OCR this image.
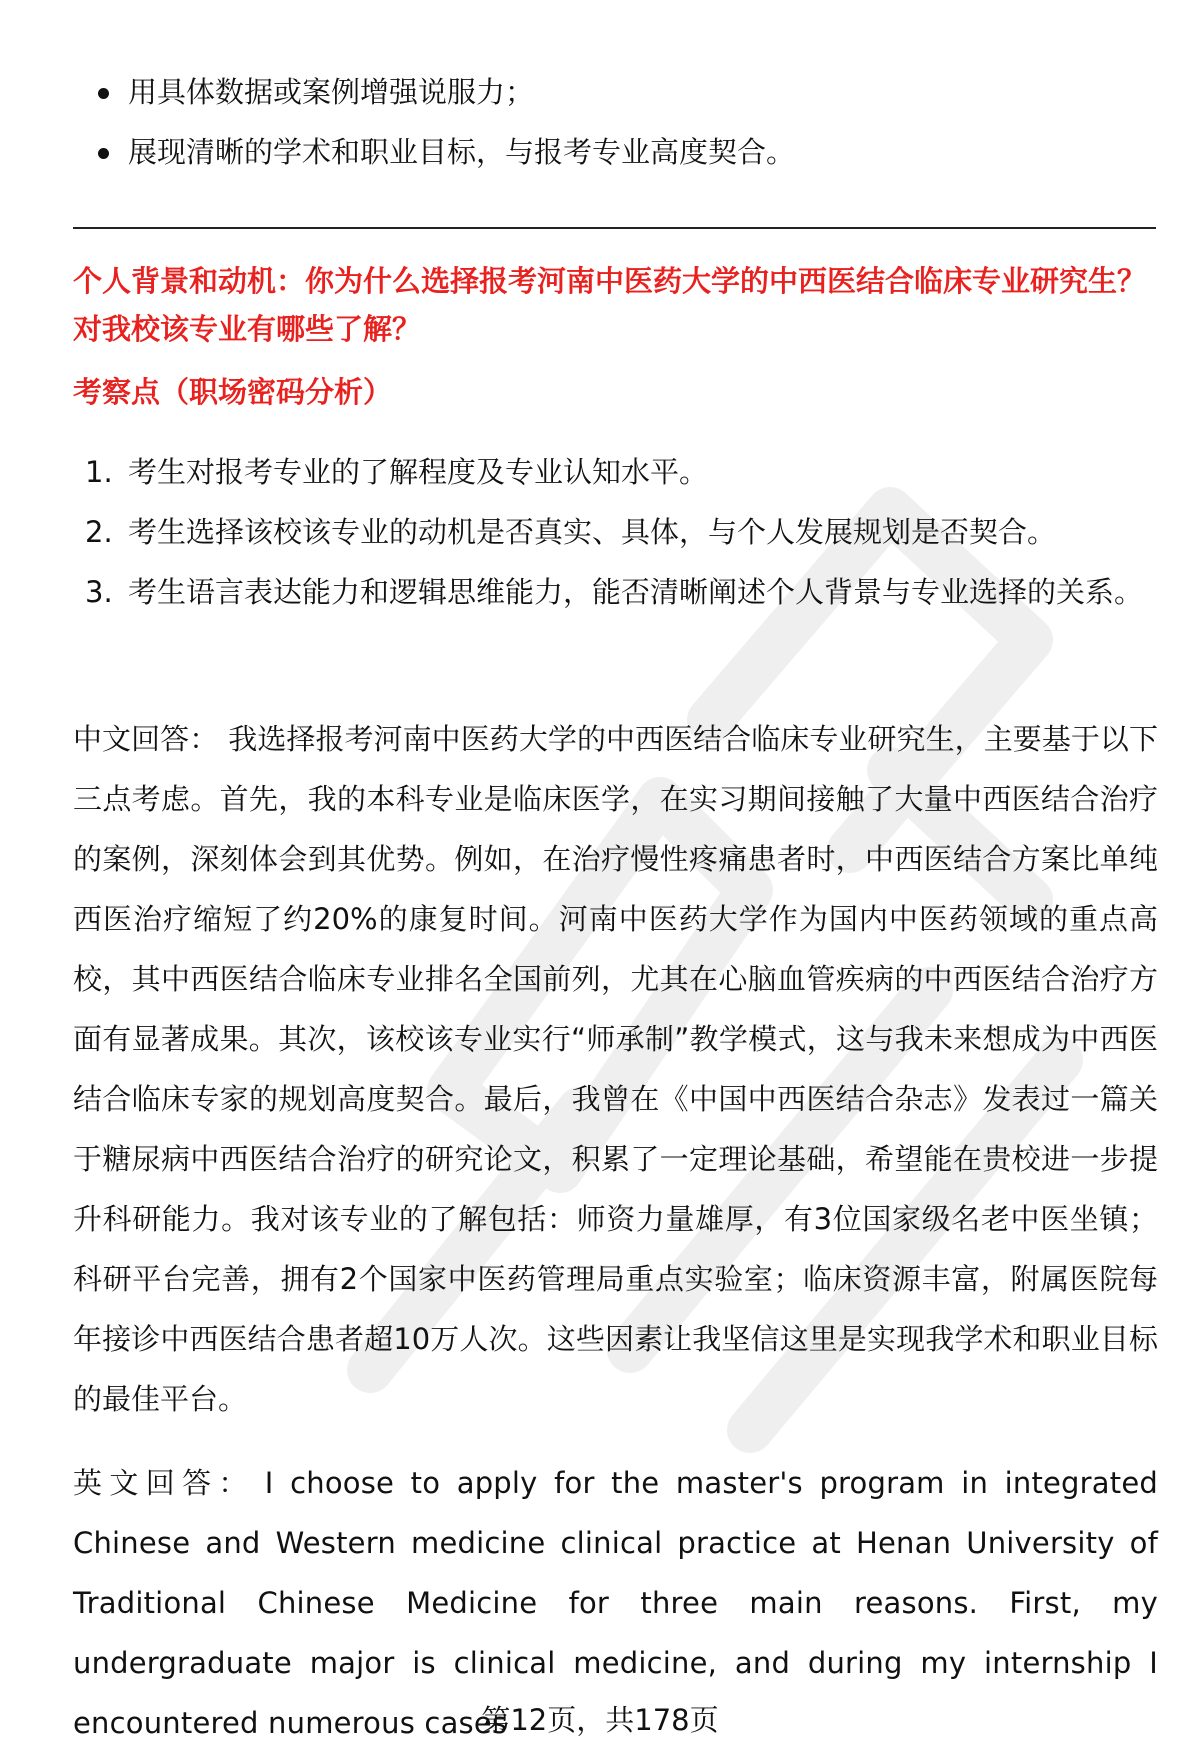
用具体数据或案例增强说服力；
展现清晰的学术和职业目标，与报考专业高度契合。

个人背景和动机：你为什么选择报考河南中医药大学的中西医结合临床专业研究生？对我校该专业有哪些了解？

考察点（职场密码分析）

1. 考生对报考专业的了解程度及专业认知水平。
2. 考生选择该校该专业的动机是否真实、具体，与个人发展规划是否契合。
3. 考生语言表达能力和逻辑思维能力，能否清晰阐述个人背景与专业选择的关系。

中文回答： 我选择报考河南中医药大学的中西医结合临床专业研究生，主要基于以下三点考虑。首先，我的本科专业是临床医学，在实习期间接触了大量中西医结合治疗的案例，深刻体会到其优势。例如，在治疗慢性疼痛患者时，中西医结合方案比单纯西医治疗缩短了约20%的康复时间。河南中医药大学作为国内中医药领域的重点高校，其中西医结合临床专业排名全国前列，尤其在心脑血管疾病的中西医结合治疗方面有显著成果。其次，该校该专业实行“师承制”教学模式，这与我未来想成为中西医结合临床专家的规划高度契合。最后，我曾在《中国中西医结合杂志》发表过一篇关于糖尿病中西医结合治疗的研究论文，积累了一定理论基础，希望能在贵校进一步提升科研能力。我对该专业的了解包括：师资力量雄厚，有3位国家级名老中医坐镇；科研平台完善，拥有2个国家中医药管理局重点实验室；临床资源丰富，附属医院每年接诊中西医结合患者超10万人次。这些因素让我坚信这里是实现我学术和职业目标的最佳平台。

英文回答： I choose to apply for the master's program in integrated Chinese and Western medicine clinical practice at Henan University of Traditional Chinese Medicine for three main reasons. First, my undergraduate major is clinical medicine, and during my internship I encountered numerous cases

第12页，共178页
